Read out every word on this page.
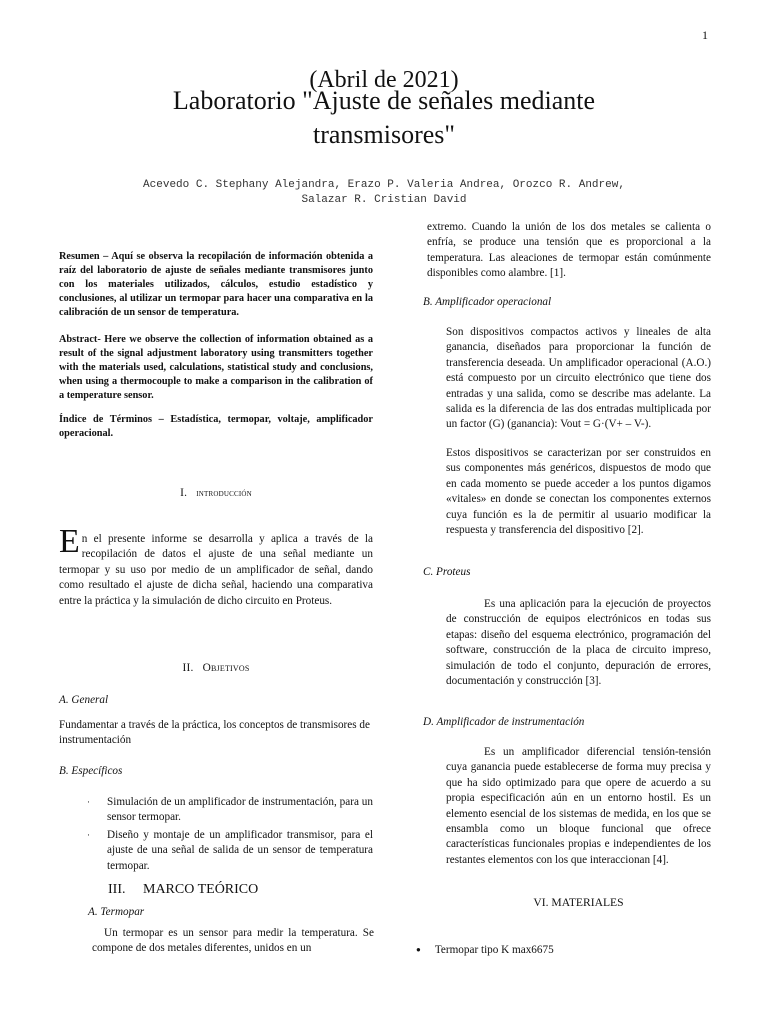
1
(Abril de 2021)
Laboratorio "Ajuste de señales mediante
transmisores"
Acevedo C. Stephany Alejandra, Erazo P. Valeria Andrea, Orozco R. Andrew,
Salazar R. Cristian David

Resumen – Aquí se observa la recopilación de información obtenida a raíz del laboratorio de ajuste de señales mediante transmisores junto con los materiales utilizados, cálculos, estudio estadístico y conclusiones, al utilizar un termopar para hacer una comparativa en la calibración de un sensor de temperatura.

Abstract- Here we observe the collection of information obtained as a result of the signal adjustment laboratory using transmitters together with the materials used, calculations, statistical study and conclusions, when using a thermocouple to make a comparison in the calibration of a temperature sensor.

Índice de Términos – Estadística, termopar, voltaje, amplificador operacional.

I. introducción
E n el presente informe se desarrolla y aplica a través de la recopilación de datos el ajuste de una señal mediante un termopar y su uso por medio de un amplificador de señal, dando como resultado el ajuste de dicha señal, haciendo una comparativa entre la práctica y la simulación de dicho circuito en Proteus.
II. Objetivos
A. General

Fundamentar a través de la práctica, los conceptos de transmisores de instrumentación

B. Específicos
· Simulación de un amplificador de instrumentación, para un sensor termopar.
· Diseño y montaje de un amplificador transmisor, para el ajuste de una señal de salida de un sensor de temperatura termopar.
III. MARCO TEÓRICO
A. Termopar

Un termopar es un sensor para medir la temperatura. Se compone de dos metales diferentes, unidos en un

extremo. Cuando la unión de los dos metales se calienta o enfría, se produce una tensión que es proporcional a la temperatura. Las aleaciones de termopar están comúnmente disponibles como alambre. [1].

B. Amplificador operacional

Son dispositivos compactos activos y lineales de alta ganancia, diseñados para proporcionar la función de transferencia deseada. Un amplificador operacional (A.O.) está compuesto por un circuito electrónico que tiene dos entradas y una salida, como se describe mas adelante. La salida es la diferencia de las dos entradas multiplicada por un factor (G) (ganancia): Vout = G·(V+ – V-).

Estos dispositivos se caracterizan por ser construidos en sus componentes más genéricos, dispuestos de modo que en cada momento se puede acceder a los puntos digamos «vitales» en donde se conectan los componentes externos cuya función es la de permitir al usuario modificar la respuesta y transferencia del dispositivo [2].

C. Proteus

Es una aplicación para la ejecución de proyectos de construcción de equipos electrónicos en todas sus etapas: diseño del esquema electrónico, programación del software, construcción de la placa de circuito impreso, simulación de todo el conjunto, depuración de errores, documentación y construcción [3].

D. Amplificador de instrumentación

Es un amplificador diferencial tensión-tensión cuya ganancia puede establecerse de forma muy precisa y que ha sido optimizado para que opere de acuerdo a su propia especificación aún en un entorno hostil. Es un elemento esencial de los sistemas de medida, en los que se ensambla como un bloque funcional que ofrece características funcionales propias e independientes de los restantes elementos con los que interaccionan [4].

VI. MATERIALES
● Termopar tipo K max6675
